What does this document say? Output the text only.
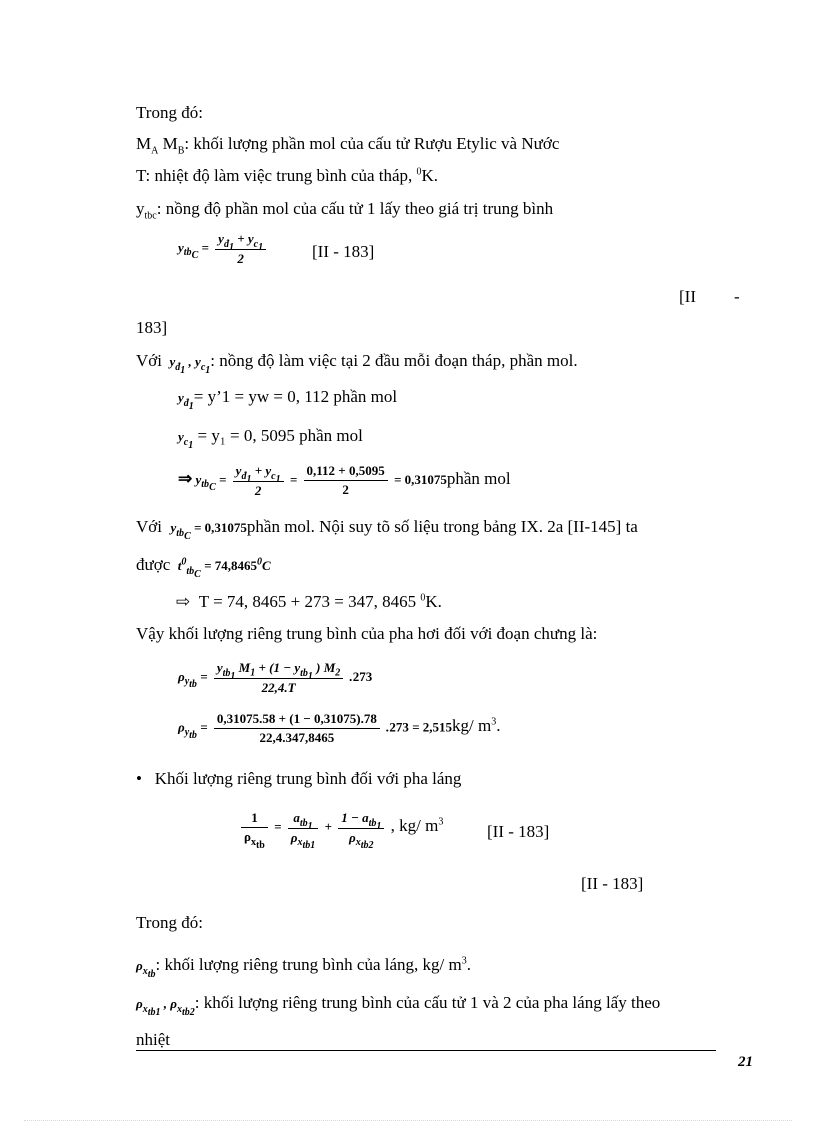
Trong đó:
$M_A$ $M_B$: khối lượng phần mol của cấu tử Rượu Etylic và Nước
T: nhiệt độ làm việc trung bình của tháp, $^0$K.
$y_{tbc}$: nồng độ phần mol của cấu tử 1 lấy theo giá trị trung bình
$y_{tb_C} = \frac{y_{đ_1} + y_{c_1}}{2}$	[II - 183]
[II -
183]
Với  $y_{đ_1}$ , $y_{c_1}$: nồng độ làm việc tại 2 đầu mỗi đoạn tháp, phần mol.
$y_{đ_1}=$ y’1 = yw = 0, 112 phần mol
$y_{c_1} = y_1 = 0$, 5095 phần mol
⇒ $y_{tb_C} = \frac{y_{đ_1} + y_{c_1}}{2} = \frac{0,112 + 0,5095}{2}$ = 0,31075phần mol
Với $y_{tb_C}$ = 0,31075phần mol. Nội suy tõ số liệu trong bảng IX. 2a [II-145] ta
được  $t^0_{tb_C} = 74,8465^0C$
⇨ T = 74, 8465 + 273 = 347, 8465 $^0$K.
Vậy khối lượng riêng trung bình của pha hơi đối với đoạn chưng là:
$\rho_{y_{tb}} = \frac{y_{tb_1} M_1 + (1 - y_{tb_1} ) M_2}{22,4.T} .273$
$\rho_{y_{tb}} = \frac{0,31075.58 + (1 - 0,31075).78}{22,4.347,8465} .273 = 2,515kg/$ $m^3$.
• Khối lượng riêng trung bình đối với pha láng
$\frac{1}{\rho_{x_{tb}}} = \frac{a_{tb_1}}{\rho_{x_{tb1}}} + \frac{1 - a_{tb_1}}{\rho_{x_{tb2}}}$ , kg/ $m^3$
[II - 183]
[II - 183]
Trong đó:
$\rho_{x_{tb}}$: khối lượng riêng trung bình của láng, kg/ $m^3$.
$\rho_{x_{tb1}}$ , $\rho_{x_{tb2}}$: khối lượng riêng trung bình của cấu tử 1 và 2 của pha láng lấy theo
nhiệt
21
